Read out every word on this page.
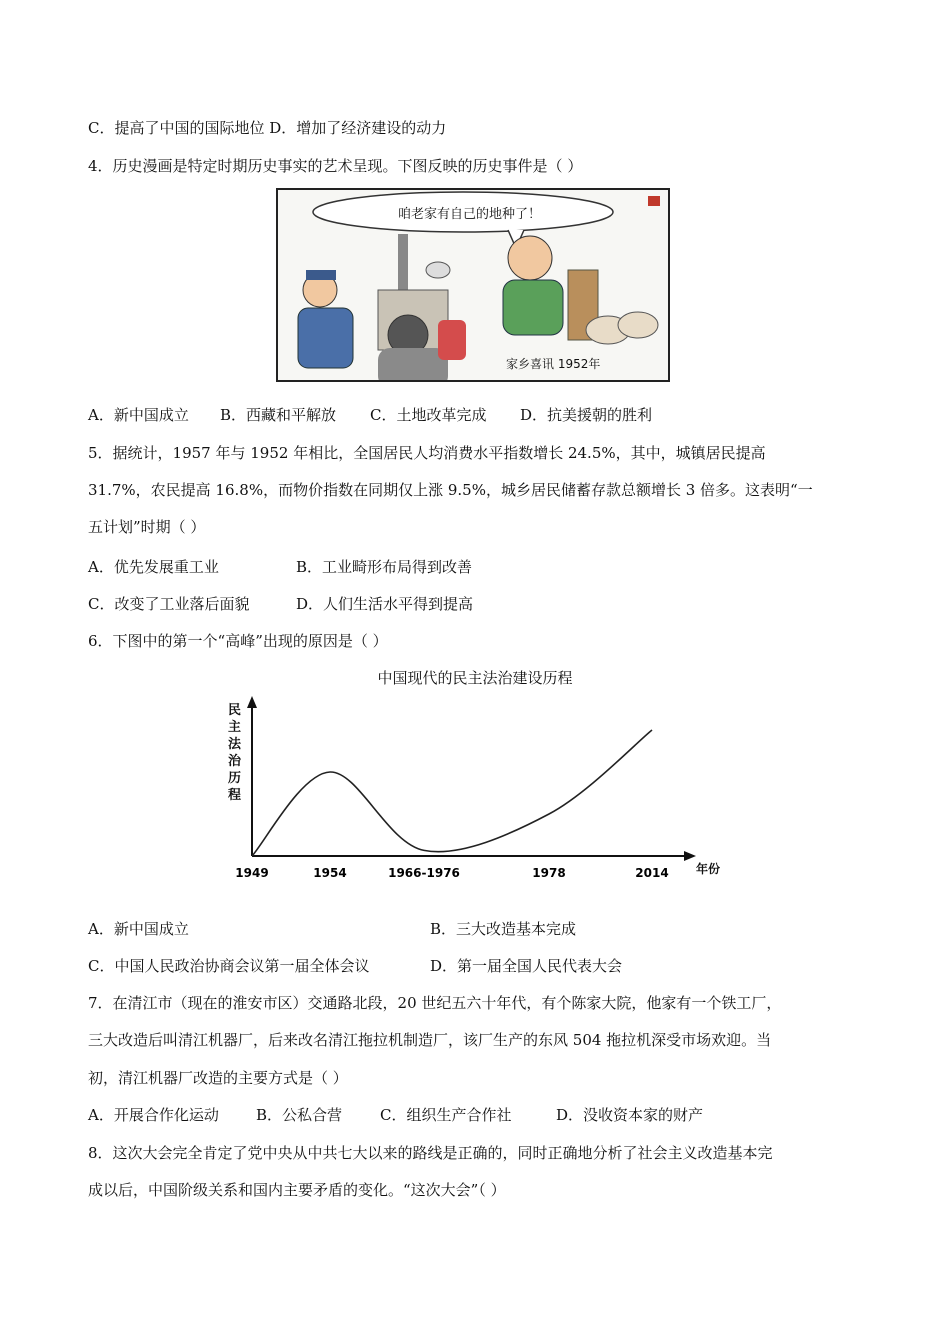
C．提高了中国的国际地位 D．增加了经济建设的动力
4．历史漫画是特定时期历史事实的艺术呈现。下图反映的历史事件是（ ）
咱老家有自己的地种了！
家乡喜讯 1952年
A．新中国成立 B．西藏和平解放 C．土地改革完成 D．抗美援朝的胜利
5．据统计，1957 年与 1952 年相比，全国居民人均消费水平指数增长 24.5%，其中，城镇居民提高
31.7%，农民提高 16.8%，而物价指数在同期仅上涨 9.5%，城乡居民储蓄存款总额增长 3 倍多。这表明“一
五计划”时期（ ）
A．优先发展重工业	B．工业畸形布局得到改善
C．改变了工业落后面貌	D．人们生活水平得到提高
6．下图中的第一个“高峰”出现的原因是（ ）
中国现代的民主法治建设历程
民主法治历程
年份
1949	1954	1966-1976	1978	2014
A．新中国成立	B．三大改造基本完成
C．中国人民政治协商会议第一届全体会议	D．第一届全国人民代表大会
7．在清江市（现在的淮安市区）交通路北段，20 世纪五六十年代，有个陈家大院，他家有一个铁工厂，
三大改造后叫清江机器厂，后来改名清江拖拉机制造厂，该厂生产的东风 504 拖拉机深受市场欢迎。当
初，清江机器厂改造的主要方式是（ ）
A．开展合作化运动 B．公私合营	C．组织生产合作社	D．没收资本家的财产
8．这次大会完全肯定了党中央从中共七大以来的路线是正确的，同时正确地分析了社会主义改造基本完
成以后，中国阶级关系和国内主要矛盾的变化。“这次大会”（ ）
